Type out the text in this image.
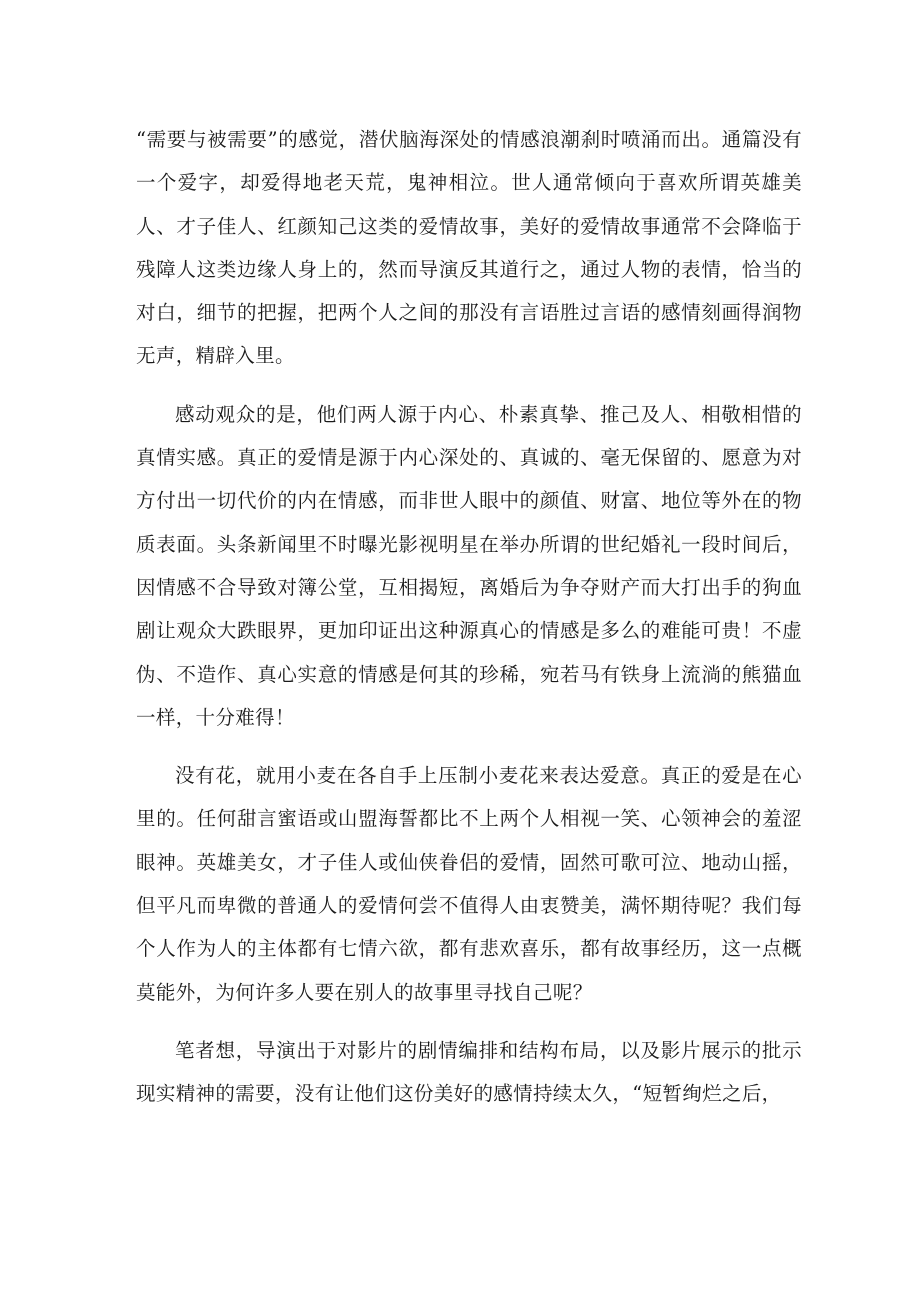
“需要与被需要”的感觉，潜伏脑海深处的情感浪潮刹时喷涌而出。通篇没有一个爱字，却爱得地老天荒，鬼神相泣。世人通常倾向于喜欢所谓英雄美人、才子佳人、红颜知己这类的爱情故事，美好的爱情故事通常不会降临于残障人这类边缘人身上的，然而导演反其道行之，通过人物的表情，恰当的对白，细节的把握，把两个人之间的那没有言语胜过言语的感情刻画得润物无声，精辟入里。

感动观众的是，他们两人源于内心、朴素真挚、推己及人、相敬相惜的真情实感。真正的爱情是源于内心深处的、真诚的、毫无保留的、愿意为对方付出一切代价的内在情感，而非世人眼中的颜值、财富、地位等外在的物质表面。头条新闻里不时曝光影视明星在举办所谓的世纪婚礼一段时间后，因情感不合导致对簿公堂，互相揭短，离婚后为争夺财产而大打出手的狗血剧让观众大跌眼界，更加印证出这种源真心的情感是多么的难能可贵！不虚伪、不造作、真心实意的情感是何其的珍稀，宛若马有铁身上流淌的熊猫血一样，十分难得！

没有花，就用小麦在各自手上压制小麦花来表达爱意。真正的爱是在心里的。任何甜言蜜语或山盟海誓都比不上两个人相视一笑、心领神会的羞涩眼神。英雄美女，才子佳人或仙侠眷侣的爱情，固然可歌可泣、地动山摇，但平凡而卑微的普通人的爱情何尝不值得人由衷赞美，满怀期待呢？我们每个人作为人的主体都有七情六欲，都有悲欢喜乐，都有故事经历，这一点概莫能外，为何许多人要在别人的故事里寻找自己呢？

笔者想，导演出于对影片的剧情编排和结构布局，以及影片展示的批示现实精神的需要，没有让他们这份美好的感情持续太久，“短暂绚烂之后，
